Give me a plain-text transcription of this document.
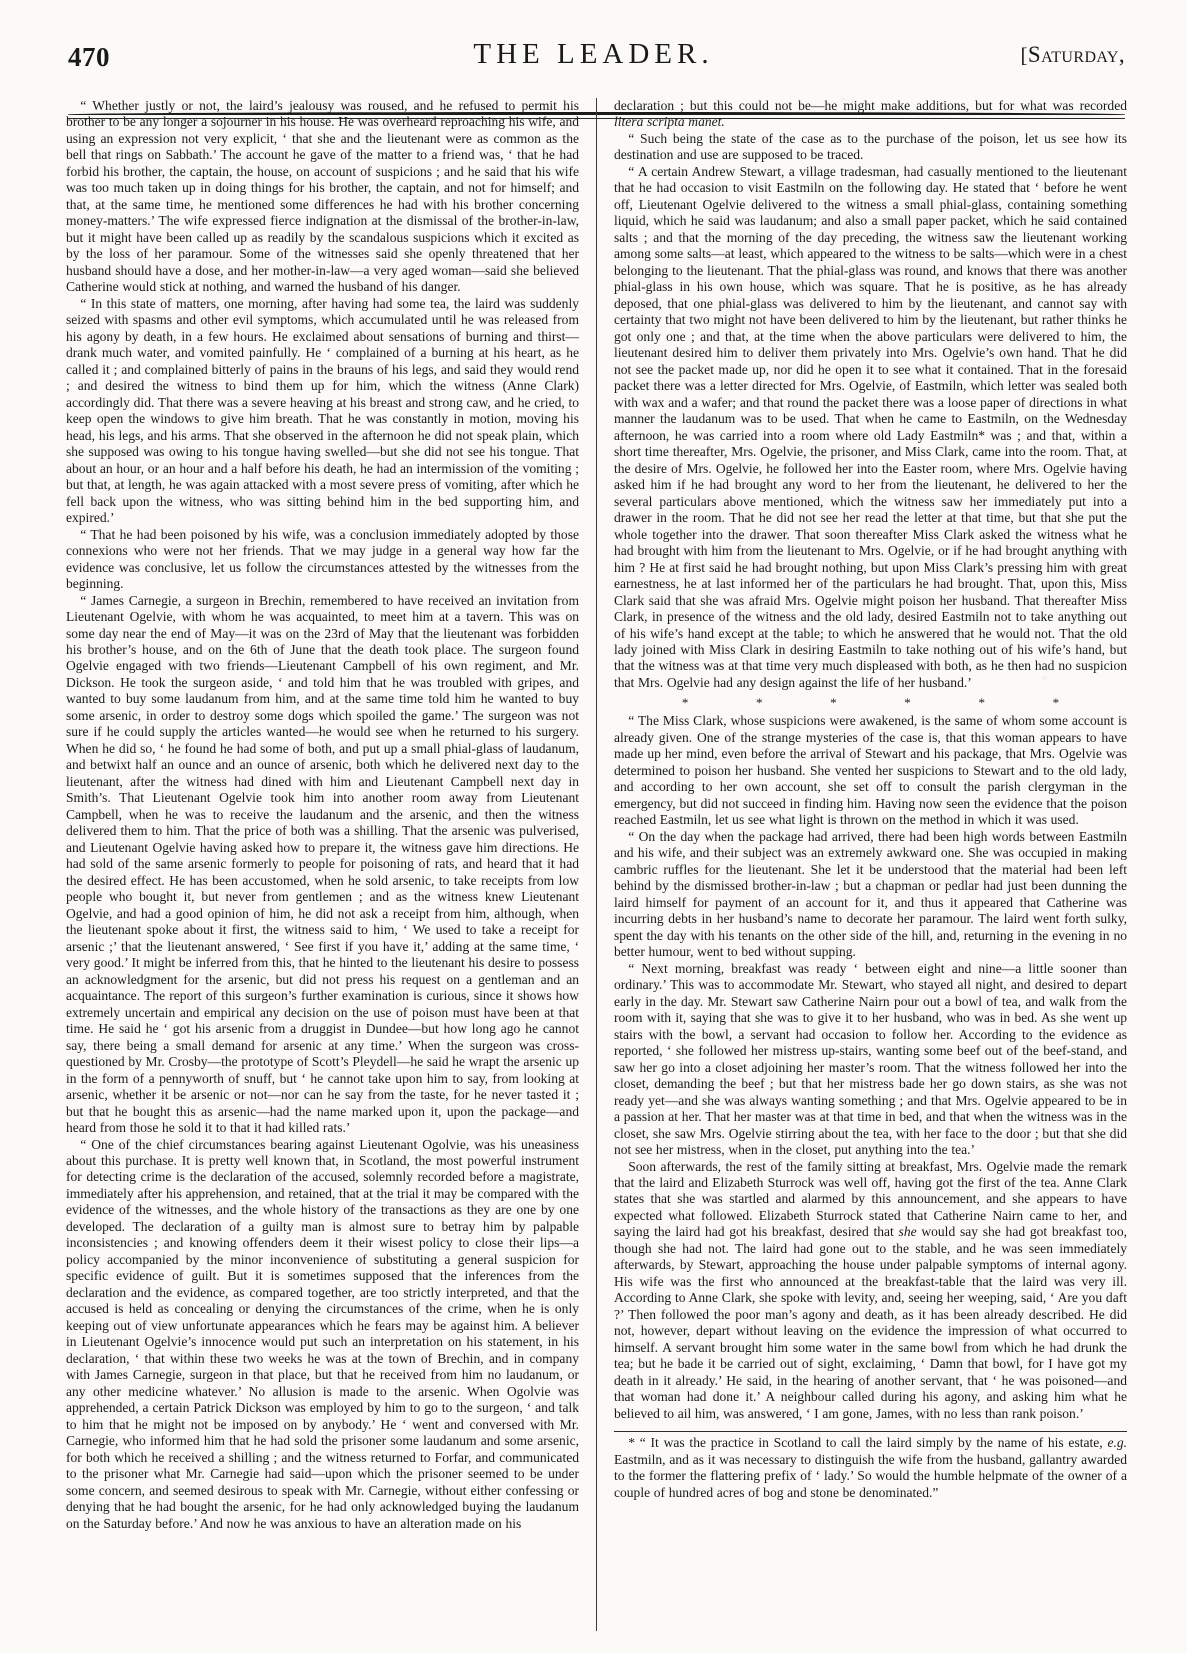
470	THE LEADER.	[Saturday,

“ Whether justly or not, the laird’s jealousy was roused, and he refused to permit his brother to be any longer a sojourner in his house. He was overheard reproaching his wife, and using an expression not very explicit, ‘ that she and the lieutenant were as common as the bell that rings on Sabbath.’ The account he gave of the matter to a friend was, ‘ that he had forbid his brother, the captain, the house, on account of suspicions ; and he said that his wife was too much taken up in doing things for his brother, the captain, and not for himself; and that, at the same time, he mentioned some differences he had with his brother concerning money-matters.’ The wife expressed fierce indignation at the dismissal of the brother-in-law, but it might have been called up as readily by the scandalous suspicions which it excited as by the loss of her paramour. Some of the witnesses said she openly threatened that her husband should have a dose, and her mother-in-law—a very aged woman—said she believed Catherine would stick at nothing, and warned the husband of his danger.

“ In this state of matters, one morning, after having had some tea, the laird was suddenly seized with spasms and other evil symptoms, which accumulated until he was released from his agony by death, in a few hours. He exclaimed about sensations of burning and thirst—drank much water, and vomited painfully. He ‘ complained of a burning at his heart, as he called it ; and complained bitterly of pains in the brauns of his legs, and said they would rend ; and desired the witness to bind them up for him, which the witness (Anne Clark) accordingly did. That there was a severe heaving at his breast and strong caw, and he cried, to keep open the windows to give him breath. That he was constantly in motion, moving his head, his legs, and his arms. That she observed in the afternoon he did not speak plain, which she supposed was owing to his tongue having swelled—but she did not see his tongue. That about an hour, or an hour and a half before his death, he had an intermission of the vomiting ; but that, at length, he was again attacked with a most severe press of vomiting, after which he fell back upon the witness, who was sitting behind him in the bed supporting him, and expired.’

“ That he had been poisoned by his wife, was a conclusion immediately adopted by those connexions who were not her friends. That we may judge in a general way how far the evidence was conclusive, let us follow the circumstances attested by the witnesses from the beginning.

“ James Carnegie, a surgeon in Brechin, remembered to have received an invitation from Lieutenant Ogelvie, with whom he was acquainted, to meet him at a tavern. This was on some day near the end of May—it was on the 23rd of May that the lieutenant was forbidden his brother’s house, and on the 6th of June that the death took place. The surgeon found Ogelvie engaged with two friends—Lieutenant Campbell of his own regiment, and Mr. Dickson. He took the surgeon aside, ‘ and told him that he was troubled with gripes, and wanted to buy some laudanum from him, and at the same time told him he wanted to buy some arsenic, in order to destroy some dogs which spoiled the game.’ The surgeon was not sure if he could supply the articles wanted—he would see when he returned to his surgery. When he did so, ‘ he found he had some of both, and put up a small phial-glass of laudanum, and betwixt half an ounce and an ounce of arsenic, both which he delivered next day to the lieutenant, after the witness had dined with him and Lieutenant Campbell next day in Smith’s. That Lieutenant Ogelvie took him into another room away from Lieutenant Campbell, when he was to receive the laudanum and the arsenic, and then the witness delivered them to him. That the price of both was a shilling. That the arsenic was pulverised, and Lieutenant Ogelvie having asked how to prepare it, the witness gave him directions. He had sold of the same arsenic formerly to people for poisoning of rats, and heard that it had the desired effect. He has been accustomed, when he sold arsenic, to take receipts from low people who bought it, but never from gentlemen ; and as the witness knew Lieutenant Ogelvie, and had a good opinion of him, he did not ask a receipt from him, although, when the lieutenant spoke about it first, the witness said to him, ‘ We used to take a receipt for arsenic ;’ that the lieutenant answered, ‘ See first if you have it,’ adding at the same time, ‘ very good.’ It might be inferred from this, that he hinted to the lieutenant his desire to possess an acknowledgment for the arsenic, but did not press his request on a gentleman and an acquaintance. The report of this surgeon’s further examination is curious, since it shows how extremely uncertain and empirical any decision on the use of poison must have been at that time. He said he ‘ got his arsenic from a druggist in Dundee—but how long ago he cannot say, there being a small demand for arsenic at any time.’ When the surgeon was cross-questioned by Mr. Crosby—the prototype of Scott’s Pleydell—he said he wrapt the arsenic up in the form of a pennyworth of snuff, but ‘ he cannot take upon him to say, from looking at arsenic, whether it be arsenic or not—nor can he say from the taste, for he never tasted it ; but that he bought this as arsenic—had the name marked upon it, upon the package—and heard from those he sold it to that it had killed rats.’

“ One of the chief circumstances bearing against Lieutenant Ogolvie, was his uneasiness about this purchase. It is pretty well known that, in Scotland, the most powerful instrument for detecting crime is the declaration of the accused, solemnly recorded before a magistrate, immediately after his apprehension, and retained, that at the trial it may be compared with the evidence of the witnesses, and the whole history of the transactions as they are one by one developed. The declaration of a guilty man is almost sure to betray him by palpable inconsistencies ; and knowing offenders deem it their wisest policy to close their lips—a policy accompanied by the minor inconvenience of substituting a general suspicion for specific evidence of guilt. But it is sometimes supposed that the inferences from the declaration and the evidence, as compared together, are too strictly interpreted, and that the accused is held as concealing or denying the circumstances of the crime, when he is only keeping out of view unfortunate appearances which he fears may be against him. A believer in Lieutenant Ogelvie’s innocence would put such an interpretation on his statement, in his declaration, ‘ that within these two weeks he was at the town of Brechin, and in company with James Carnegie, surgeon in that place, but that he received from him no laudanum, or any other medicine whatever.’ No allusion is made to the arsenic. When Ogolvie was apprehended, a certain Patrick Dickson was employed by him to go to the surgeon, ‘ and talk to him that he might not be imposed on by anybody.’ He ‘ went and conversed with Mr. Carnegie, who informed him that he had sold the prisoner some laudanum and some arsenic, for both which he received a shilling ; and the witness returned to Forfar, and communicated to the prisoner what Mr. Carnegie had said—upon which the prisoner seemed to be under some concern, and seemed desirous to speak with Mr. Carnegie, without either confessing or denying that he had bought the arsenic, for he had only acknowledged buying the laudanum on the Saturday before.’ And now he was anxious to have an alteration made on his

declaration ; but this could not be—he might make additions, but for what was recorded litera scripta manet.

“ Such being the state of the case as to the purchase of the poison, let us see how its destination and use are supposed to be traced.

“ A certain Andrew Stewart, a village tradesman, had casually mentioned to the lieutenant that he had occasion to visit Eastmiln on the following day. He stated that ‘ before he went off, Lieutenant Ogelvie delivered to the witness a small phial-glass, containing something liquid, which he said was laudanum; and also a small paper packet, which he said contained salts ; and that the morning of the day preceding, the witness saw the lieutenant working among some salts—at least, which appeared to the witness to be salts—which were in a chest belonging to the lieutenant. That the phial-glass was round, and knows that there was another phial-glass in his own house, which was square. That he is positive, as he has already deposed, that one phial-glass was delivered to him by the lieutenant, and cannot say with certainty that two might not have been delivered to him by the lieutenant, but rather thinks he got only one ; and that, at the time when the above particulars were delivered to him, the lieutenant desired him to deliver them privately into Mrs. Ogelvie’s own hand. That he did not see the packet made up, nor did he open it to see what it contained. That in the foresaid packet there was a letter directed for Mrs. Ogelvie, of Eastmiln, which letter was sealed both with wax and a wafer; and that round the packet there was a loose paper of directions in what manner the laudanum was to be used. That when he came to Eastmiln, on the Wednesday afternoon, he was carried into a room where old Lady Eastmiln* was ; and that, within a short time thereafter, Mrs. Ogelvie, the prisoner, and Miss Clark, came into the room. That, at the desire of Mrs. Ogelvie, he followed her into the Easter room, where Mrs. Ogelvie having asked him if he had brought any word to her from the lieutenant, he delivered to her the several particulars above mentioned, which the witness saw her immediately put into a drawer in the room. That he did not see her read the letter at that time, but that she put the whole together into the drawer. That soon thereafter Miss Clark asked the witness what he had brought with him from the lieutenant to Mrs. Ogelvie, or if he had brought anything with him ? He at first said he had brought nothing, but upon Miss Clark’s pressing him with great earnestness, he at last informed her of the particulars he had brought. That, upon this, Miss Clark said that she was afraid Mrs. Ogelvie might poison her husband. That thereafter Miss Clark, in presence of the witness and the old lady, desired Eastmiln not to take anything out of his wife’s hand except at the table; to which he answered that he would not. That the old lady joined with Miss Clark in desiring Eastmiln to take nothing out of his wife’s hand, but that the witness was at that time very much displeased with both, as he then had no suspicion that Mrs. Ogelvie had any design against the life of her husband.’

*	*	*	*	*	*

“ The Miss Clark, whose suspicions were awakened, is the same of whom some account is already given. One of the strange mysteries of the case is, that this woman appears to have made up her mind, even before the arrival of Stewart and his package, that Mrs. Ogelvie was determined to poison her husband. She vented her suspicions to Stewart and to the old lady, and according to her own account, she set off to consult the parish clergyman in the emergency, but did not succeed in finding him. Having now seen the evidence that the poison reached Eastmiln, let us see what light is thrown on the method in which it was used.

“ On the day when the package had arrived, there had been high words between Eastmiln and his wife, and their subject was an extremely awkward one. She was occupied in making cambric ruffles for the lieutenant. She let it be understood that the material had been left behind by the dismissed brother-in-law ; but a chapman or pedlar had just been dunning the laird himself for payment of an account for it, and thus it appeared that Catherine was incurring debts in her husband’s name to decorate her paramour. The laird went forth sulky, spent the day with his tenants on the other side of the hill, and, returning in the evening in no better humour, went to bed without supping.

“ Next morning, breakfast was ready ‘ between eight and nine—a little sooner than ordinary.’ This was to accommodate Mr. Stewart, who stayed all night, and desired to depart early in the day. Mr. Stewart saw Catherine Nairn pour out a bowl of tea, and walk from the room with it, saying that she was to give it to her husband, who was in bed. As she went up stairs with the bowl, a servant had occasion to follow her. According to the evidence as reported, ‘ she followed her mistress up-stairs, wanting some beef out of the beef-stand, and saw her go into a closet adjoining her master’s room. That the witness followed her into the closet, demanding the beef ; but that her mistress bade her go down stairs, as she was not ready yet—and she was always wanting something ; and that Mrs. Ogelvie appeared to be in a passion at her. That her master was at that time in bed, and that when the witness was in the closet, she saw Mrs. Ogelvie stirring about the tea, with her face to the door ; but that she did not see her mistress, when in the closet, put anything into the tea.’

Soon afterwards, the rest of the family sitting at breakfast, Mrs. Ogelvie made the remark that the laird and Elizabeth Sturrock was well off, having got the first of the tea. Anne Clark states that she was startled and alarmed by this announcement, and she appears to have expected what followed. Elizabeth Sturrock stated that Catherine Nairn came to her, and saying the laird had got his breakfast, desired that she would say she had got breakfast too, though she had not. The laird had gone out to the stable, and he was seen immediately afterwards, by Stewart, approaching the house under palpable symptoms of internal agony. His wife was the first who announced at the breakfast-table that the laird was very ill. According to Anne Clark, she spoke with levity, and, seeing her weeping, said, ‘ Are you daft ?’ Then followed the poor man’s agony and death, as it has been already described. He did not, however, depart without leaving on the evidence the impression of what occurred to himself. A servant brought him some water in the same bowl from which he had drunk the tea; but he bade it be carried out of sight, exclaiming, ‘ Damn that bowl, for I have got my death in it already.’ He said, in the hearing of another servant, that ‘ he was poisoned—and that woman had done it.’ A neighbour called during his agony, and asking him what he believed to ail him, was answered, ‘ I am gone, James, with no less than rank poison.’

* “ It was the practice in Scotland to call the laird simply by the name of his estate, e.g. Eastmiln, and as it was necessary to distinguish the wife from the husband, gallantry awarded to the former the flattering prefix of ‘ lady.’ So would the humble helpmate of the owner of a couple of hundred acres of bog and stone be denominated.”
